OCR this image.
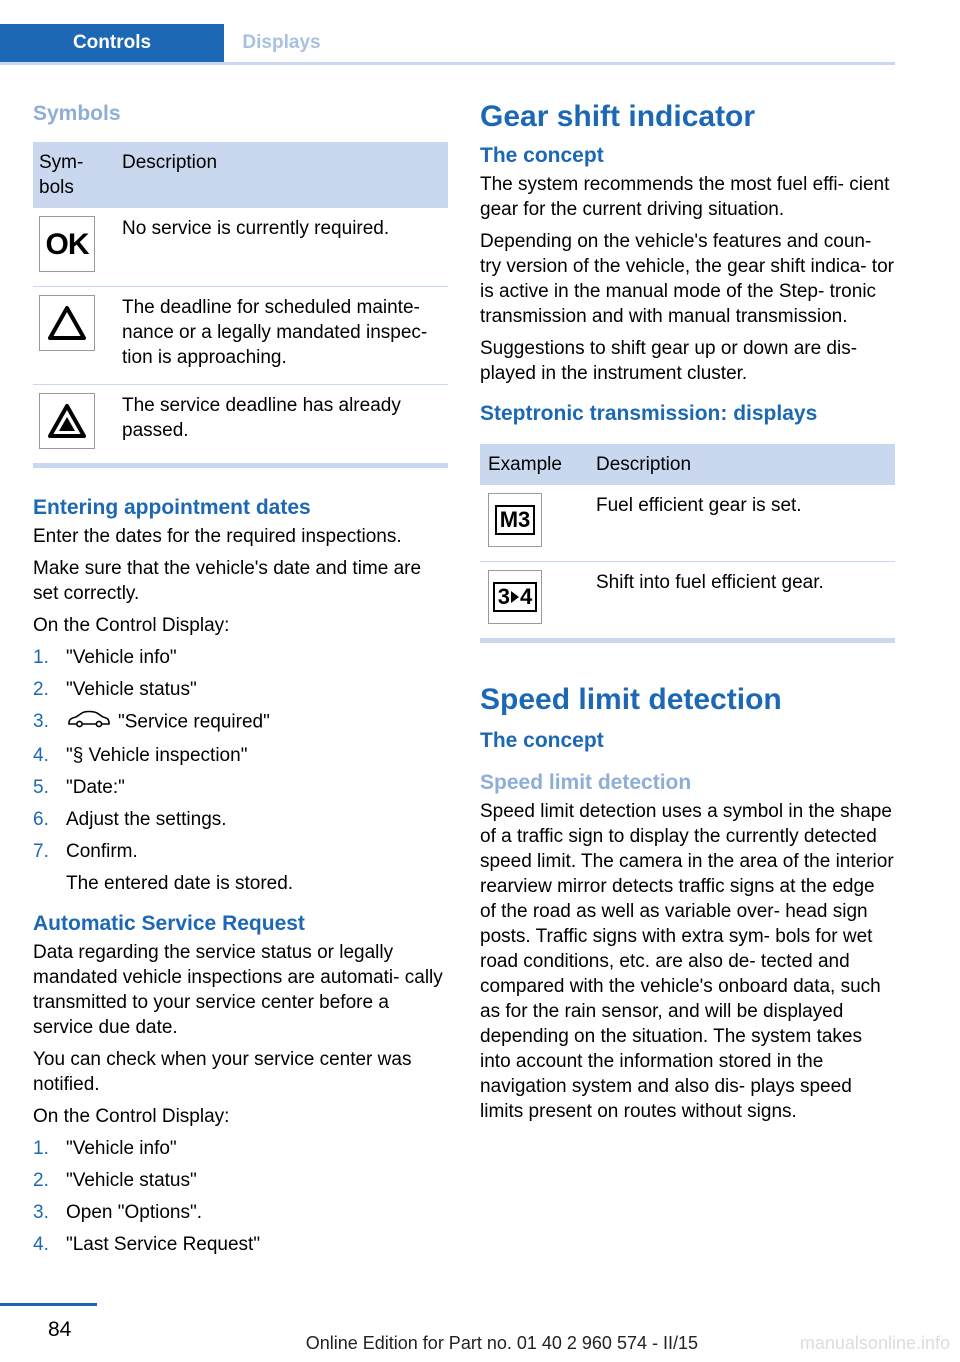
Controls	Displays
Symbols
Sym-
bols	Description

OK	No service is currently required.

	The deadline for scheduled mainte- nance or a legally mandated inspec- tion is approaching.

	The service deadline has already passed.
Entering appointment dates

Enter the dates for the required inspections.

Make sure that the vehicle's date and time are set correctly.

On the Control Display:

1. "Vehicle info"
2. "Vehicle status"
3.	"Service required"
4. "§ Vehicle inspection"
5. "Date:"
6. Adjust the settings.
7. Confirm.
The entered date is stored.
Automatic Service Request

Data regarding the service status or legally mandated vehicle inspections are automati- cally transmitted to your service center before a service due date.

You can check when your service center was notified.

On the Control Display:

1. "Vehicle info"
2. "Vehicle status"
3. Open "Options".
4. "Last Service Request"
Gear shift indicator
The concept

The system recommends the most fuel effi- cient gear for the current driving situation.

Depending on the vehicle's features and coun- try version of the vehicle, the gear shift indica- tor is active in the manual mode of the Step- tronic transmission and with manual transmission.

Suggestions to shift gear up or down are dis- played in the instrument cluster.

Steptronic transmission: displays
Example	Description

M3	Fuel efficient gear is set.

3 4	Shift into fuel efficient gear.
Speed limit detection
The concept
Speed limit detection

Speed limit detection uses a symbol in the shape of a traffic sign to display the currently detected speed limit. The camera in the area of the interior rearview mirror detects traffic signs at the edge of the road as well as variable over- head sign posts. Traffic signs with extra sym- bols for wet road conditions, etc. are also de- tected and compared with the vehicle's onboard data, such as for the rain sensor, and will be displayed depending on the situation. The system takes into account the information stored in the navigation system and also dis- plays speed limits present on routes without signs.

84
Online Edition for Part no. 01 40 2 960 574 - II/15	manualsonline.info
